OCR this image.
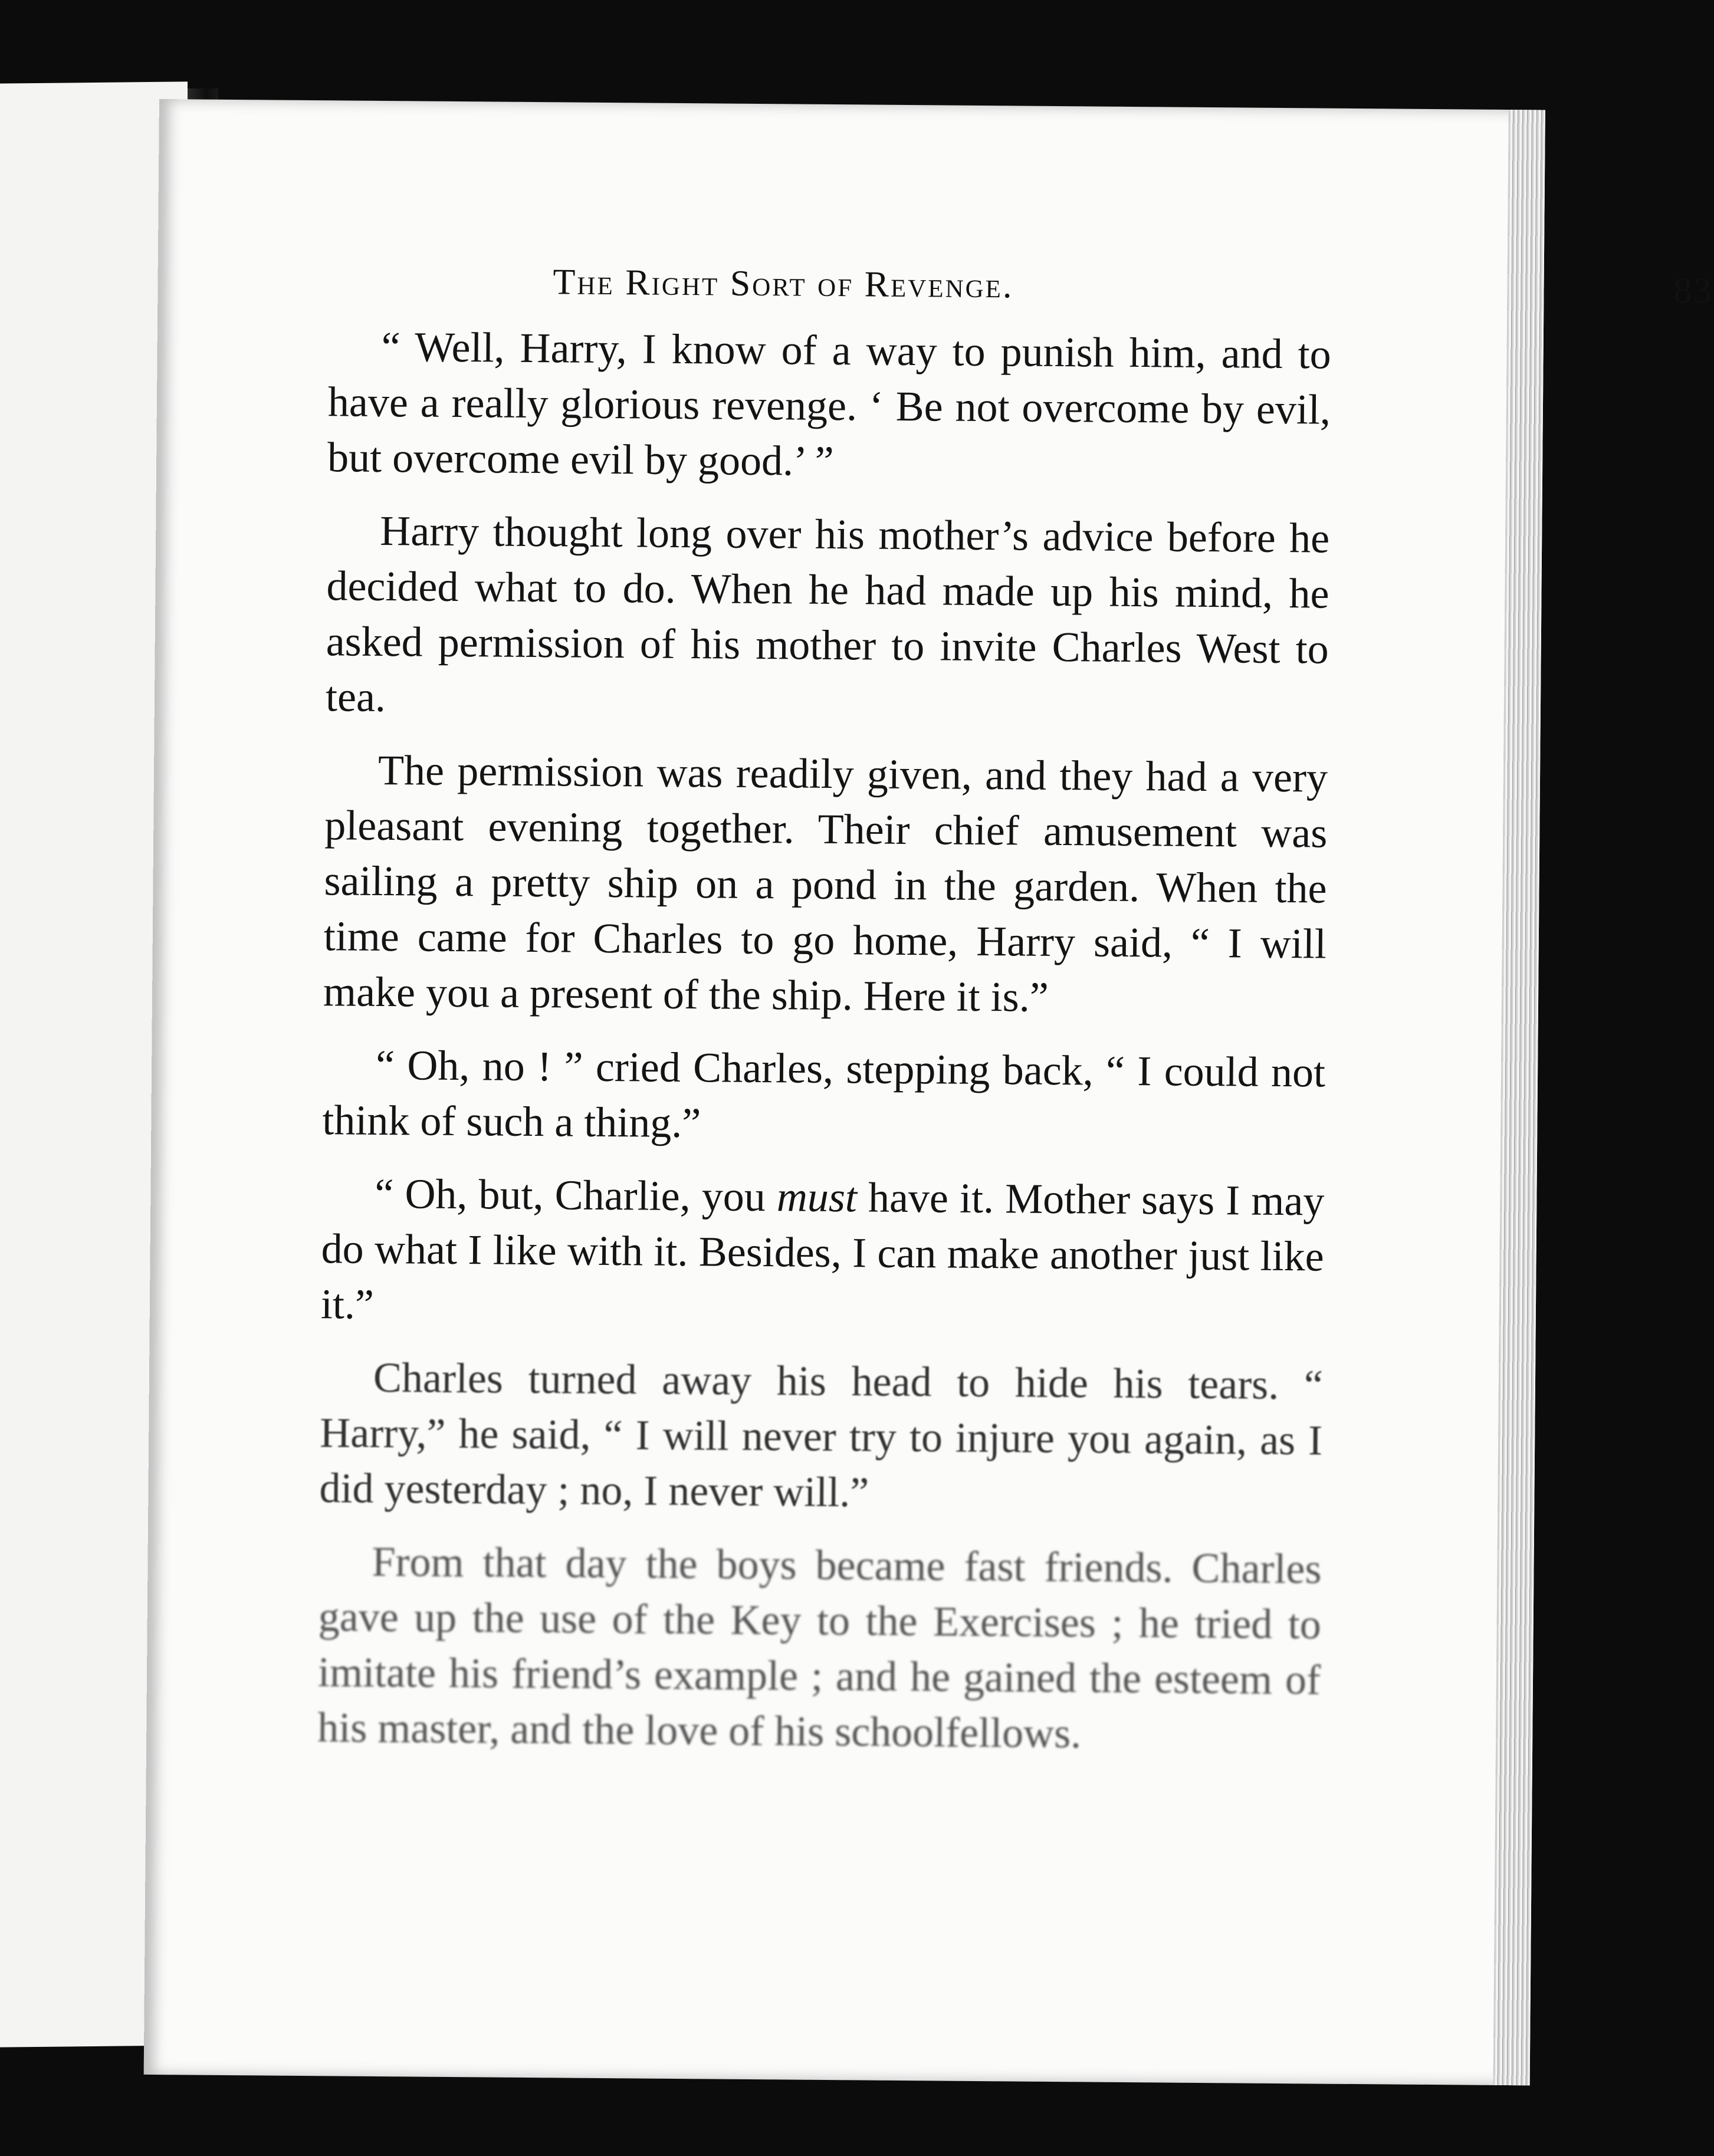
The Right Sort of Revenge.	83

“ Well, Harry, I know of a way to punish him, and to have a really glorious revenge. ‘ Be not overcome by evil, but overcome evil by good.’ ”

Harry thought long over his mother’s advice before he decided what to do. When he had made up his mind, he asked permission of his mother to invite Charles West to tea.

The permission was readily given, and they had a very pleasant evening together. Their chief amusement was sailing a pretty ship on a pond in the garden. When the time came for Charles to go home, Harry said, “ I will make you a present of the ship. Here it is.”

“ Oh, no ! ” cried Charles, stepping back, “ I could not think of such a thing.”

“ Oh, but, Charlie, you must have it. Mother says I may do what I like with it. Besides, I can make another just like it.”

Charles turned away his head to hide his tears. “ Harry,” he said, “ I will never try to injure you again, as I did yesterday ; no, I never will.”

From that day the boys became fast friends. Charles gave up the use of the Key to the Exercises ; he tried to imitate his friend’s example ; and he gained the esteem of his master, and the love of his schoolfellows.
